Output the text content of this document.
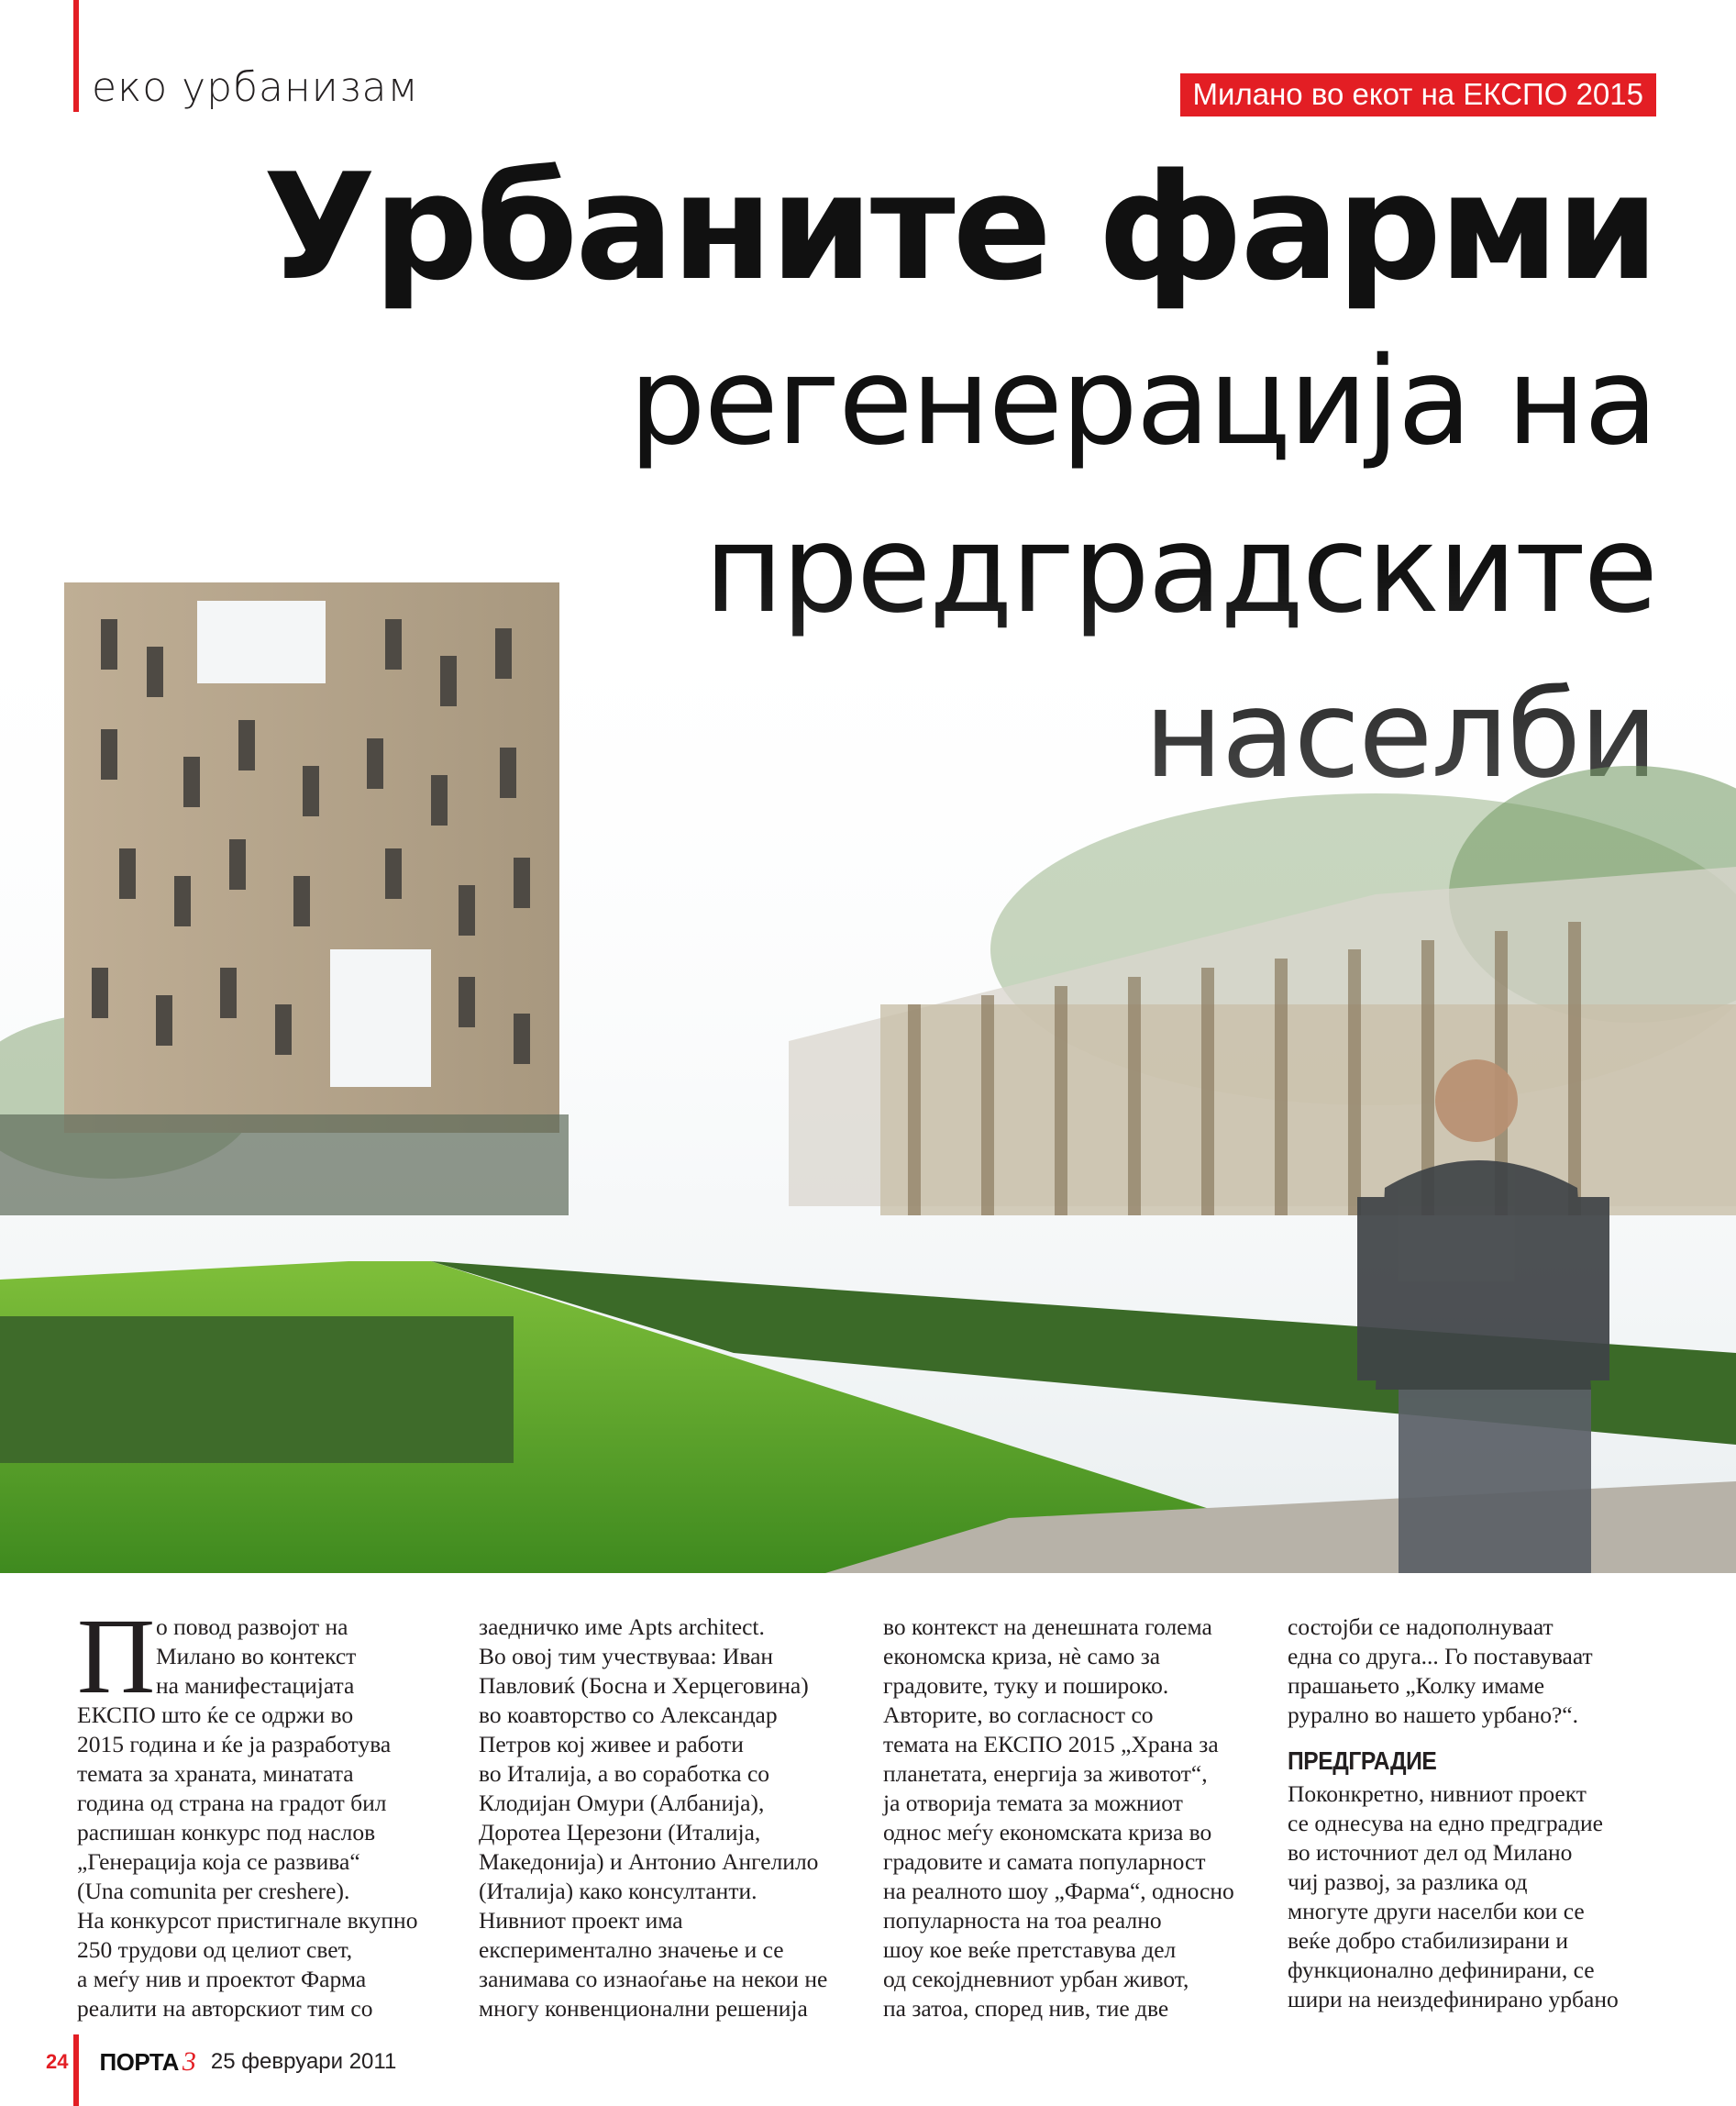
еко урбанизам	Милано во екот на ЕКСПО 2015
Урбаните фарми
регенерација на
П о повод развојот на

Милано во контекст

на манифестацијата

ЕКСПО што ќе се одржи во

2015 година и ќе ја разработува

темата за храната, минатата

година од страна на градот бил

распишан конкурс под наслов

„Генерација која се развива“

(Una comunita per creshere).

На конкурсот пристигнале вкупно

250 трудови од целиот свет,

а меѓу нив и проектот Фарма

реалити на авторскиот тим со

заедничко име Apts architect.

Во овој тим учествуваа: Иван

Павловиќ (Босна и Херцеговина)

во коавторство со Александар

Петров кој живее и работи

во Италија, а во соработка со

Клодијан Омури (Албанија),

Доротеа Церезони (Италија,

Македонија) и Антонио Ангелило

(Италија) како консултанти.

Нивниот проект има

експериментално значење и се

занимава со изнаоѓање на некои не

многу конвенционални решенија

во контекст на денешната голема

економска криза, нè само за

градовите, туку и пошироко.

Авторите, во согласност со

темата на ЕКСПО 2015 „Храна за

планетата, енергија за животот“,

ја отворија темата за можниот

однос меѓу економската криза во

градовите и самата популарност

на реалното шоу „Фарма“, односно

популарноста на тоа реално

шоу кое веќе претставува дел

од секојдневниот урбан живот,

па затоа, според нив, тие две

состојби се надополнуваат

една со друга... Го поставуваат

прашањето „Колку имаме

рурално во нашето урбано?“.

ПРЕДГРАДИЕ

Поконкретно, нивниот проект

се однесува на едно предградие

во источниот дел од Милано

чиј развој, за разлика од

многуте други населби кои се

веќе добро стабилизирани и

функционално дефинирани, се

шири на неиздефинирано урбано

24 ПОРТА 3 25 февруари 2011
